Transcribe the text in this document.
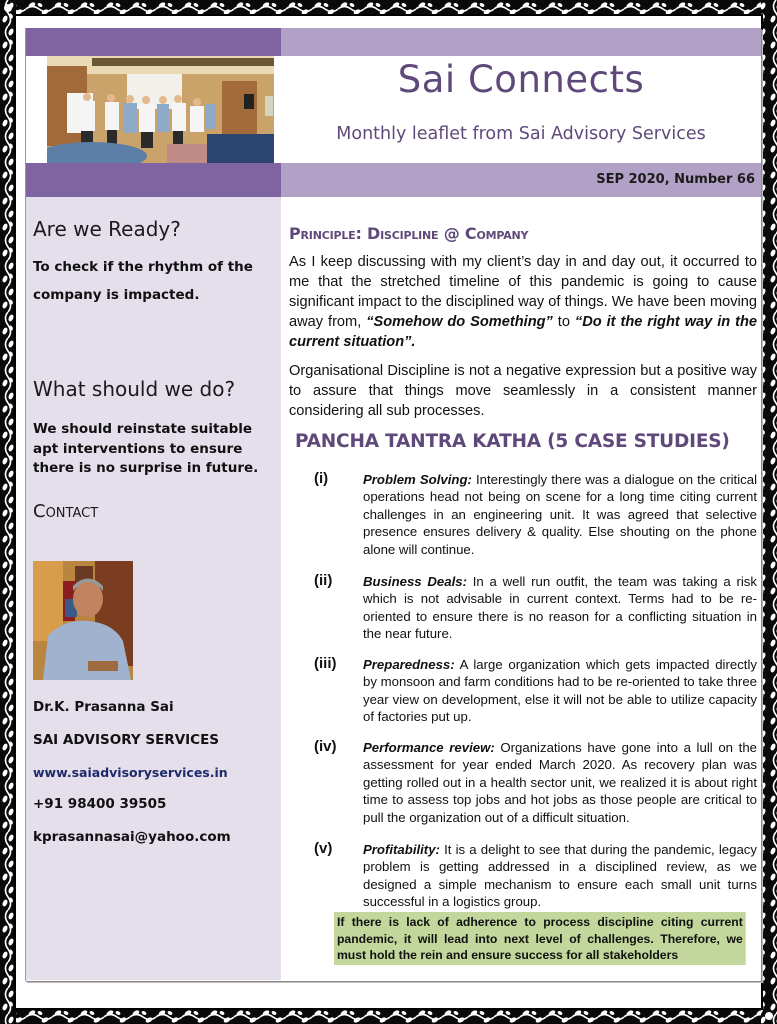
Sai Connects
Monthly leaflet from Sai Advisory Services
SEP 2020, Number 66
Are we Ready?
To check if the rhythm of the
company is impacted.
What should we do?
We should reinstate suitable apt interventions to ensure there is no surprise in future.
Contact
Dr.K. Prasanna Sai
SAI ADVISORY SERVICES
www.saiadvisoryservices.in
+91 98400 39505
kprasannasai@yahoo.com
Principle: Discipline @ Company
As I keep discussing with my client’s day in and day out, it occurred to me that the stretched timeline of this pandemic is going to cause significant impact to the disciplined way of things. We have been moving away from, “Somehow do Something” to “Do it the right way in the current situation”.
Organisational Discipline is not a negative expression but a positive way to assure that things move seamlessly in a consistent manner considering all sub processes.
PANCHA TANTRA KATHA (5 CASE STUDIES)
(i)	Problem Solving: Interestingly there was a dialogue on the critical operations head not being on scene for a long time citing current challenges in an engineering unit. It was agreed that selective presence ensures delivery & quality. Else shouting on the phone alone will continue.
(ii) Business Deals: In a well run outfit, the team was taking a risk which is not advisable in current context. Terms had to be re-oriented to ensure there is no reason for a conflicting situation in the near future.
(iii) Preparedness: A large organization which gets impacted directly by monsoon and farm conditions had to be re-oriented to take three year view on development, else it will not be able to utilize capacity of factories put up.
(iv) Performance review: Organizations have gone into a lull on the assessment for year ended March 2020. As recovery plan was getting rolled out in a health sector unit, we realized it is about right time to assess top jobs and hot jobs as those people are critical to pull the organization out of a difficult situation.
(v) Profitability: It is a delight to see that during the pandemic, legacy problem is getting addressed in a disciplined review, as we designed a simple mechanism to ensure each small unit turns successful in a logistics group.
If there is lack of adherence to process discipline citing current pandemic, it will lead into next level of challenges. Therefore, we must hold the rein and ensure success for all stakeholders
